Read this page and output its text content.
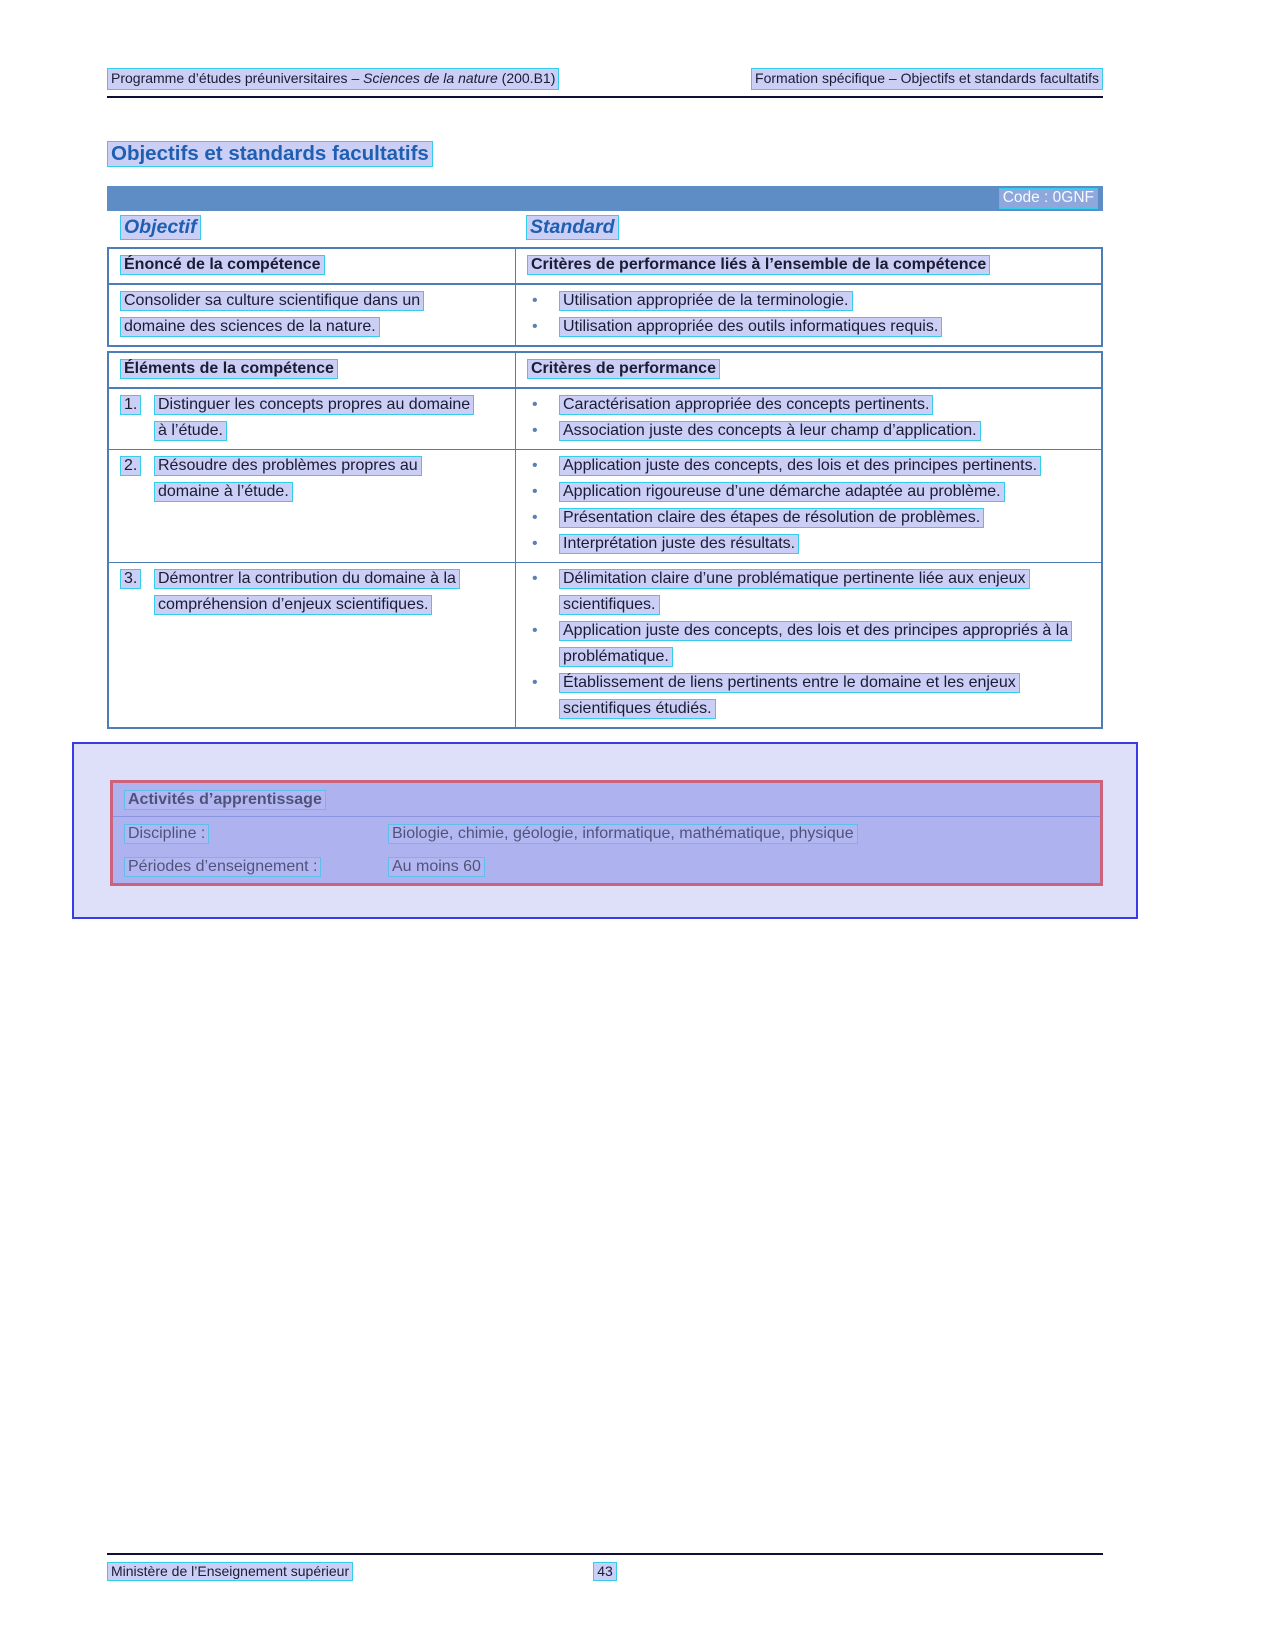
Programme d’études préuniversitaires – Sciences de la nature (200.B1)	Formation spécifique – Objectifs et standards facultatifs
Objectifs et standards facultatifs
Code : 0GNF
Objectif	Standard
Énoncé de la compétence	Critères de performance liés à l’ensemble de la compétence
Consolider sa culture scientifique dans un domaine des sciences de la nature.
•	Utilisation appropriée de la terminologie.
•	Utilisation appropriée des outils informatiques requis.
Éléments de la compétence	Critères de performance
1.	Distinguer les concepts propres au domaine à l’étude.
•	Caractérisation appropriée des concepts pertinents.
•	Association juste des concepts à leur champ d’application.
2.	Résoudre des problèmes propres au domaine à l’étude.
•	Application juste des concepts, des lois et des principes pertinents.
•	Application rigoureuse d’une démarche adaptée au problème.
•	Présentation claire des étapes de résolution de problèmes.
•	Interprétation juste des résultats.
3.	Démontrer la contribution du domaine à la compréhension d’enjeux scientifiques.
•	Délimitation claire d’une problématique pertinente liée aux enjeux scientifiques.
•	Application juste des concepts, des lois et des principes appropriés à la problématique.
•	Établissement de liens pertinents entre le domaine et les enjeux scientifiques étudiés.
Activités d’apprentissage
Discipline :	Biologie, chimie, géologie, informatique, mathématique, physique
Périodes d’enseignement :	Au moins 60
Ministère de l’Enseignement supérieur	43
